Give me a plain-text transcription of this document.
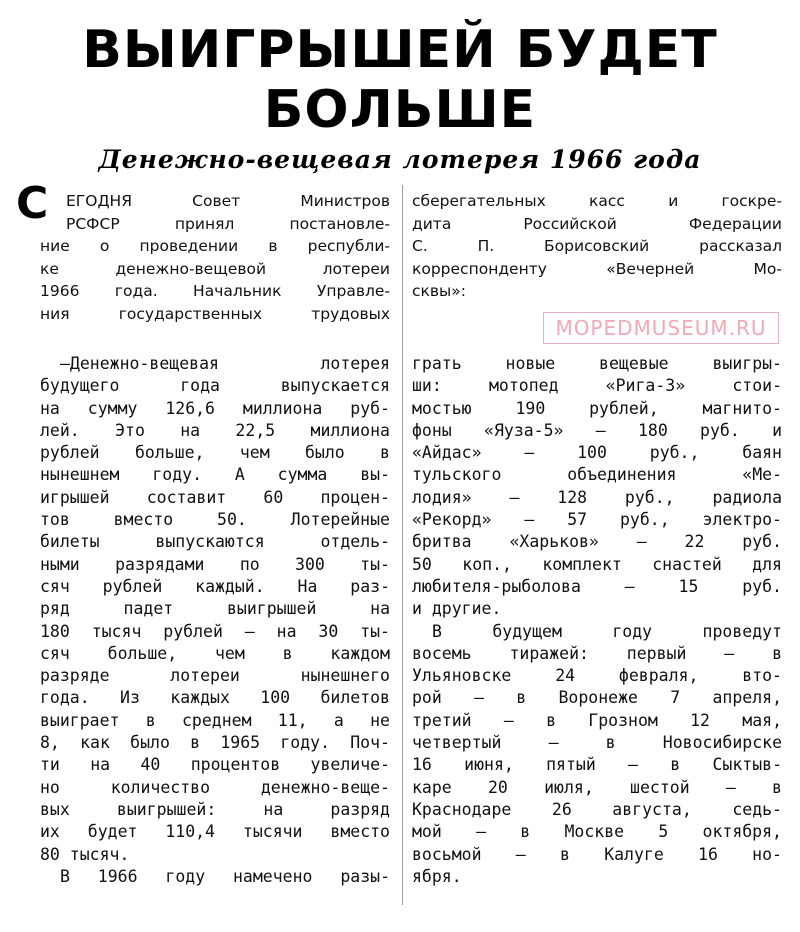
ВЫИГРЫШЕЙ БУДЕТ
БОЛЬШЕ
Денежно-вещевая лотерея 1966 года
С ЕГОДНЯ Совет Министров
РСФСР принял постановле-
ние о проведении в республи-
ке денежно-вещевой лотереи
1966 года. Начальник Управле-
ния государственных трудовых
сберегательных касс и госкре-
дита Российской Федерации
С. П. Борисовский рассказал
корреспонденту «Вечерней Мо-
сквы»:
MOPEDMUSEUM.RU
—Денежно-вещевая лотерея
будущего года выпускается
на сумму 126,6 миллиона руб-
лей. Это на 22,5 миллиона
рублей больше, чем было в
нынешнем году. А сумма вы-
игрышей составит 60 процен-
тов вместо 50. Лотерейные
билеты выпускаются отдель-
ными разрядами по 300 ты-
сяч рублей каждый. На раз-
ряд падет выигрышей на
180 тысяч рублей — на 30 ты-
сяч больше, чем в каждом
разряде лотереи нынешнего
года. Из каждых 100 билетов
выиграет в среднем 11, а не
8, как было в 1965 году. Поч-
ти на 40 процентов увеличе-
но количество денежно-веще-
вых выигрышей: на разряд
их будет 110,4 тысячи вместо
80 тысяч.
В 1966 году намечено разы-
грать новые вещевые выигры-
ши: мотопед «Рига-3» стои-
мостью 190 рублей, магнито-
фоны «Яуза-5» — 180 руб. и
«Айдас» — 100 руб., баян
тульского объединения «Ме-
лодия» — 128 руб., радиола
«Рекорд» — 57 руб., электро-
бритва «Харьков» — 22 руб.
50 коп., комплект снастей для
любителя-рыболова — 15 руб.
и другие.
В будущем году проведут
восемь тиражей: первый — в
Ульяновске 24 февраля, вто-
рой — в Воронеже 7 апреля,
третий — в Грозном 12 мая,
четвертый — в Новосибирске
16 июня, пятый — в Сыктыв-
каре 20 июля, шестой — в
Краснодаре 26 августа, седь-
мой — в Москве 5 октября,
восьмой — в Калуге 16 но-
ября.
